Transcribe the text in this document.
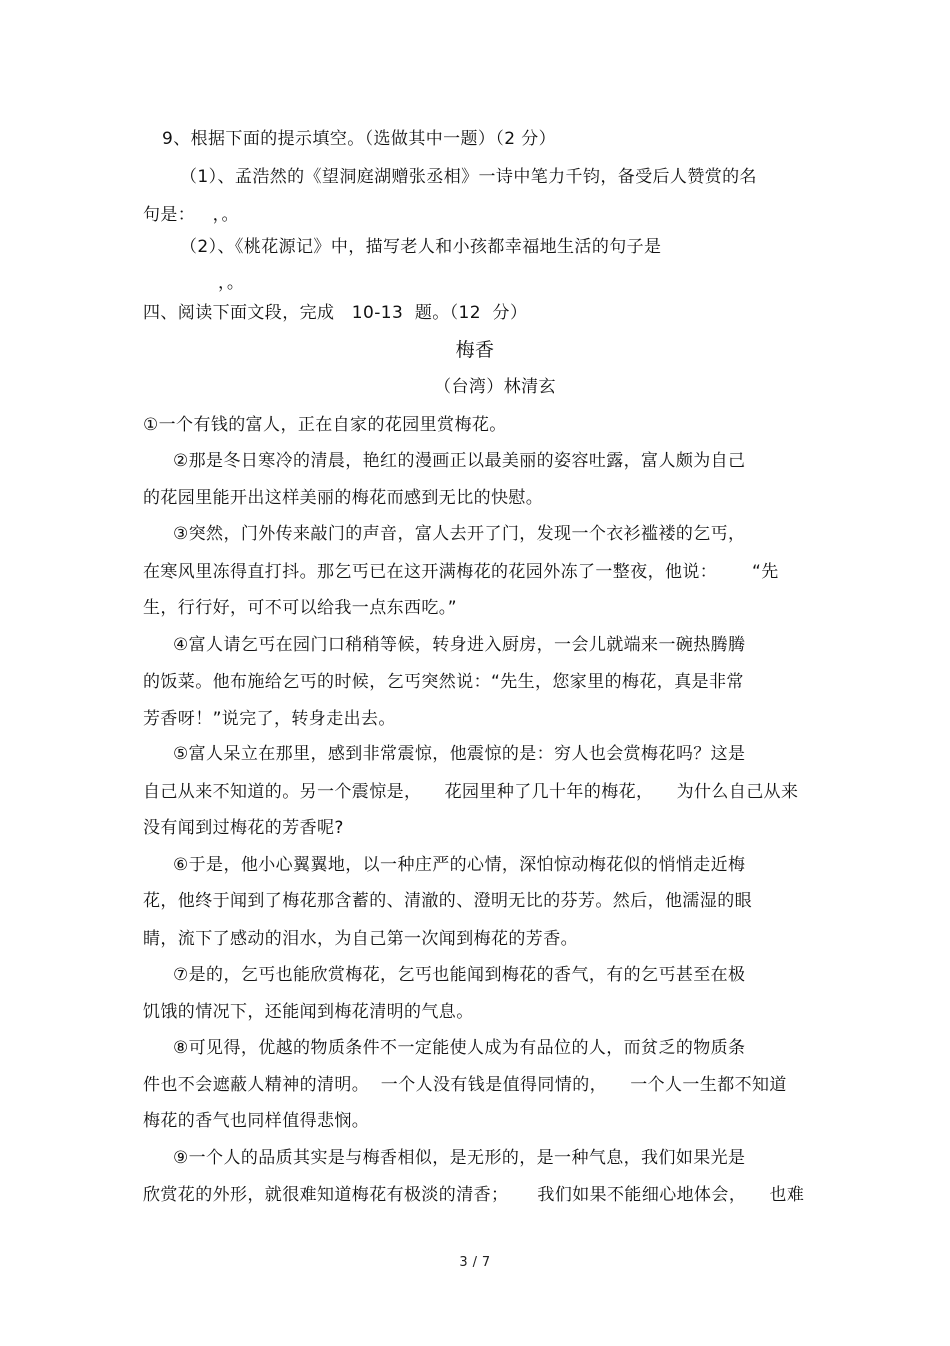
9、根据下面的提示填空。（选做其中一题）（2 分）
（1）、孟浩然的《望洞庭湖赠张丞相》一诗中笔力千钧，备受后人赞赏的名
句是：   ，。
（2）、《桃花源记》中，描写老人和小孩都幸福地生活的句子是
，。
四、阅读下面文段，完成   10-13  题。（12  分）
梅香
（台湾）林清玄
①一个有钱的富人，正在自家的花园里赏梅花。
②那是冬日寒冷的清晨，艳红的漫画正以最美丽的姿容吐露，富人颇为自己
的花园里能开出这样美丽的梅花而感到无比的快慰。
③突然，门外传来敲门的声音，富人去开了门，发现一个衣衫褴褛的乞丐，
在寒风里冻得直打抖。那乞丐已在这开满梅花的花园外冻了一整夜，他说：      “先
生，行行好，可不可以给我一点东西吃。”
④富人请乞丐在园门口稍稍等候，转身进入厨房，一会儿就端来一碗热腾腾
的饭菜。他布施给乞丐的时候，乞丐突然说：“先生，您家里的梅花，真是非常
芳香呀！”说完了，转身走出去。
⑤富人呆立在那里，感到非常震惊，他震惊的是：穷人也会赏梅花吗？这是
自己从来不知道的。另一个震惊是，    花园里种了几十年的梅花，    为什么自己从来
没有闻到过梅花的芳香呢?
⑥于是，他小心翼翼地，以一种庄严的心情，深怕惊动梅花似的悄悄走近梅
花，他终于闻到了梅花那含蓄的、清澈的、澄明无比的芬芳。然后，他濡湿的眼
睛，流下了感动的泪水，为自己第一次闻到梅花的芳香。
⑦是的，乞丐也能欣赏梅花，乞丐也能闻到梅花的香气，有的乞丐甚至在极
饥饿的情况下，还能闻到梅花清明的气息。
⑧可见得，优越的物质条件不一定能使人成为有品位的人，而贫乏的物质条
件也不会遮蔽人精神的清明。  一个人没有钱是值得同情的，    一个人一生都不知道
梅花的香气也同样值得悲悯。
⑨一个人的品质其实是与梅香相似，是无形的，是一种气息，我们如果光是
欣赏花的外形，就很难知道梅花有极淡的清香；     我们如果不能细心地体会，    也难
3 / 7
